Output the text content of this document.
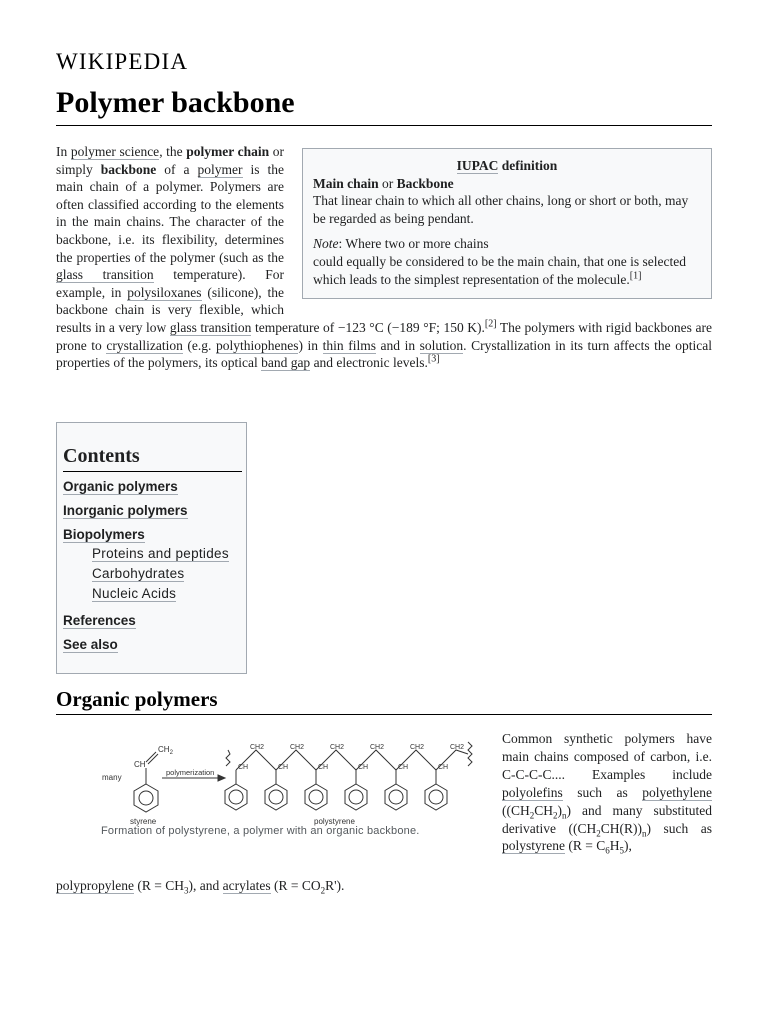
WIKIPEDIA
Polymer backbone
IUPAC definition

Main chain or Backbone

That linear chain to which all other chains, long or short or both, may be regarded as being pendant.

Note: Where two or more chains
could equally be considered to be the main chain, that one is selected which leads to the simplest representation of the molecule.[1]

In polymer science, the polymer chain or simply backbone of a polymer is the main chain of a polymer. Polymers are often classified according to the elements in the main chains. The character of the backbone, i.e. its flexibility, determines the properties of the polymer (such as the glass transition temperature). For example, in polysiloxanes (silicone), the backbone chain is very flexible, which results in a very low glass transition temperature of −123 °C (−189 °F; 150 K).[2] The polymers with rigid backbones are prone to crystallization (e.g. polythiophenes) in thin films and in solution. Crystallization in its turn affects the optical properties of the polymers, its optical band gap and electronic levels.[3]
Contents
Organic polymers
Inorganic polymers
Biopolymers
Proteins and peptides
Carbohydrates
Nucleic Acids
References
See also
Organic polymers
many
CH
$CH_2$
polymerization
styrene	polystyrene
CH
CH2
CH
CH2
CH
CH2
CH
CH2
CH
CH2
CH
CH2
Formation of polystyrene, a polymer with an organic backbone.

Common synthetic polymers have main chains composed of carbon, i.e. C-C-C-C.... Examples include polyolefins such as polyethylene $((CH_2CH_2)_n)$ and many substituted derivative $((CH_2CH(R))_n)$ such as polystyrene $(R = C_6H_5)$,

polypropylene $(R = CH_3)$, and acrylates $(R = CO_2R')$.
